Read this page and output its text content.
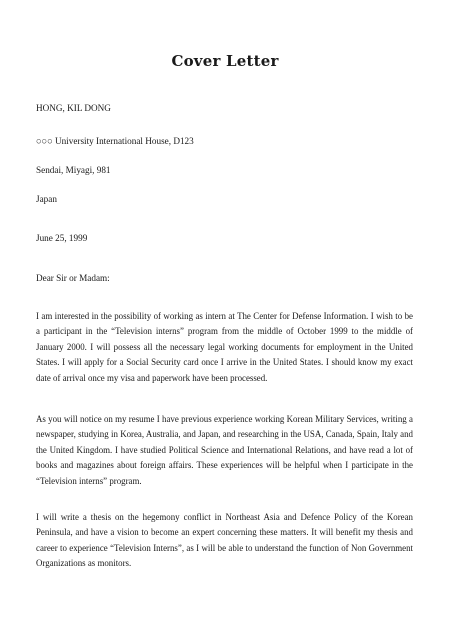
Cover Letter
HONG, KIL DONG
○○○ University International House, D123
Sendai, Miyagi, 981
Japan
June 25, 1999
Dear Sir or Madam:
I am interested in the possibility of working as intern at The Center for Defense Information. I wish to be a participant in the “Television interns” program from the middle of October 1999 to the middle of January 2000. I will possess all the necessary legal working documents for employment in the United States. I will apply for a Social Security card once I arrive in the United States. I should know my exact date of arrival once my visa and paperwork have been processed.
As you will notice on my resume I have previous experience working Korean Military Services, writing a newspaper, studying in Korea, Australia, and Japan, and researching in the USA, Canada, Spain, Italy and the United Kingdom. I have studied Political Science and International Relations, and have read a lot of books and magazines about foreign affairs. These experiences will be helpful when I participate in the “Television interns” program.
I will write a thesis on the hegemony conflict in Northeast Asia and Defence Policy of the Korean Peninsula, and have a vision to become an expert concerning these matters. It will benefit my thesis and career to experience “Television Interns”, as I will be able to understand the function of Non Government Organizations as monitors.
